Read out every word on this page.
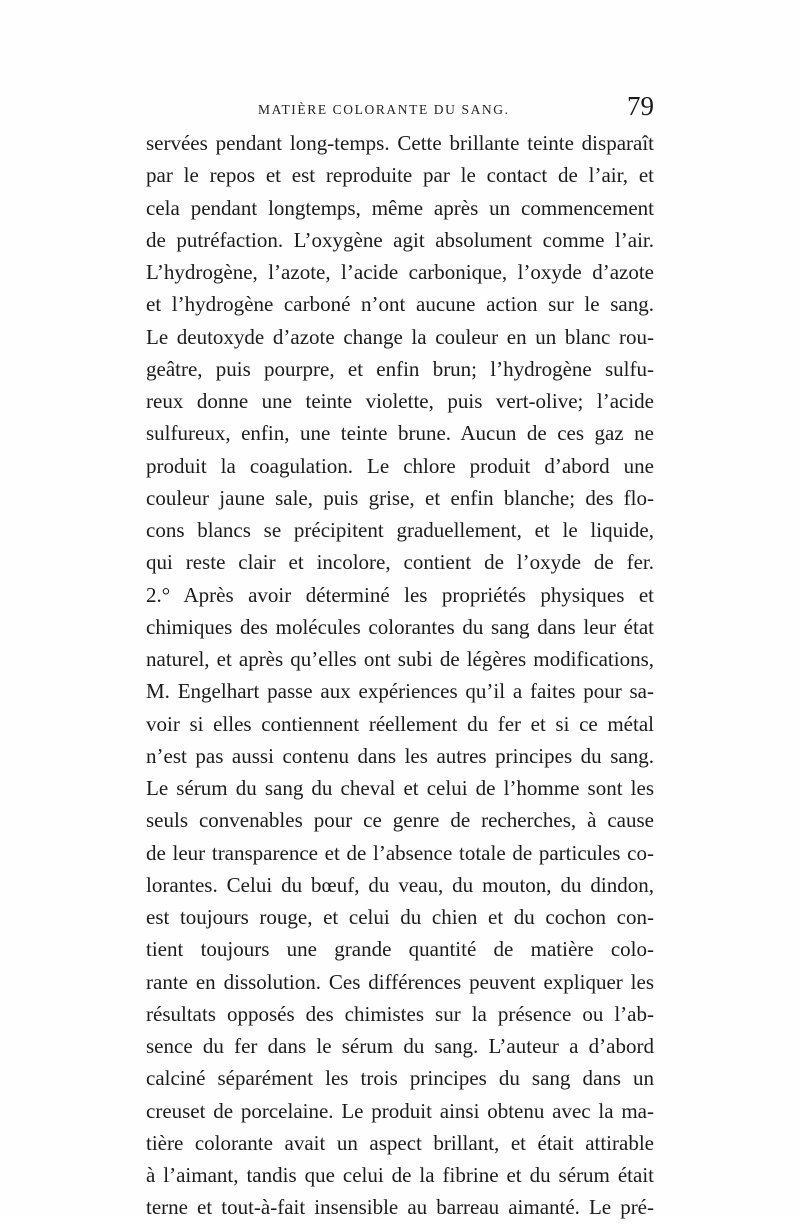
MATIÈRE COLORANTE DU SANG.	79
servées pendant long-temps. Cette brillante teinte disparaît
par le repos et est reproduite par le contact de l’air, et
cela pendant longtemps, même après un commencement
de putréfaction. L’oxygène agit absolument comme l’air.
L’hydrogène, l’azote, l’acide carbonique, l’oxyde d’azote
et l’hydrogène carboné n’ont aucune action sur le sang.
Le deutoxyde d’azote change la couleur en un blanc rou-
geâtre, puis pourpre, et enfin brun; l’hydrogène sulfu-
reux donne une teinte violette, puis vert-olive; l’acide
sulfureux, enfin, une teinte brune. Aucun de ces gaz ne
produit la coagulation. Le chlore produit d’abord une
couleur jaune sale, puis grise, et enfin blanche; des flo-
cons blancs se précipitent graduellement, et le liquide,
qui reste clair et incolore, contient de l’oxyde de fer.
2.° Après avoir déterminé les propriétés physiques et
chimiques des molécules colorantes du sang dans leur état
naturel, et après qu’elles ont subi de légères modifications,
M. Engelhart passe aux expériences qu’il a faites pour sa-
voir si elles contiennent réellement du fer et si ce métal
n’est pas aussi contenu dans les autres principes du sang.
Le sérum du sang du cheval et celui de l’homme sont les
seuls convenables pour ce genre de recherches, à cause
de leur transparence et de l’absence totale de particules co-
lorantes. Celui du bœuf, du veau, du mouton, du dindon,
est toujours rouge, et celui du chien et du cochon con-
tient toujours une grande quantité de matière colo-
rante en dissolution. Ces différences peuvent expliquer les
résultats opposés des chimistes sur la présence ou l’ab-
sence du fer dans le sérum du sang. L’auteur a d’abord
calciné séparément les trois principes du sang dans un
creuset de porcelaine. Le produit ainsi obtenu avec la ma-
tière colorante avait un aspect brillant, et était attirable
à l’aimant, tandis que celui de la fibrine et du sérum était
terne et tout-à-fait insensible au barreau aimanté. Le pré-
